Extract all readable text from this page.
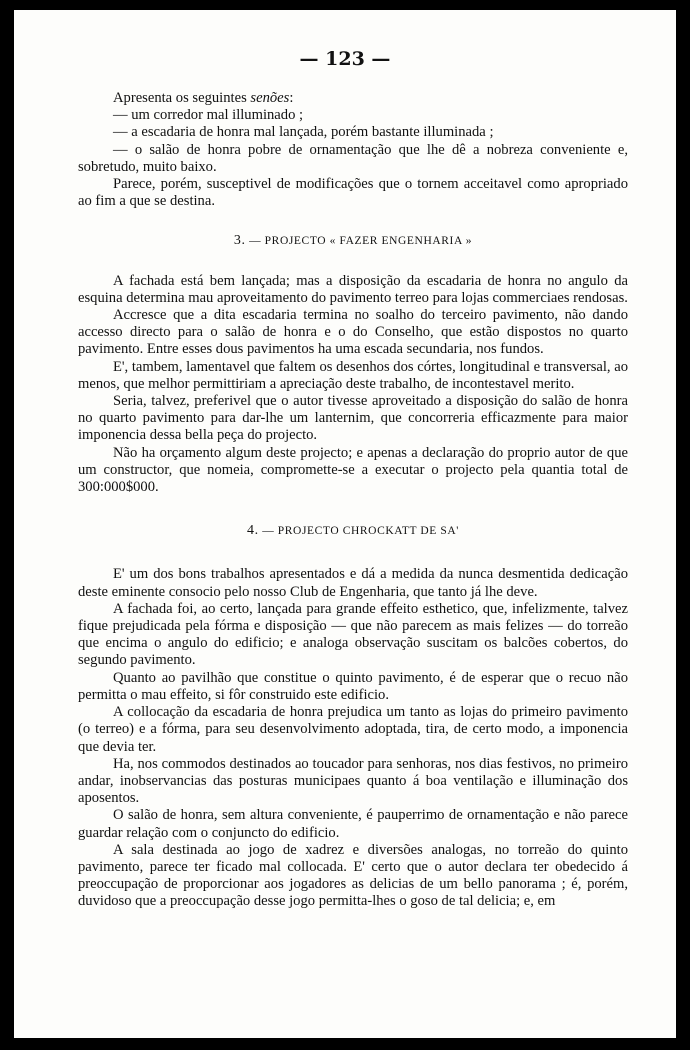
— 123 —

Apresenta os seguintes senões:

— um corredor mal illuminado ;

— a escadaria de honra mal lançada, porém bastante illuminada ;

— o salão de honra pobre de ornamentação que lhe dê a nobreza conveniente e, sobretudo, muito baixo.

Parece, porém, susceptivel de modificações que o tornem acceitavel como apropriado ao fim a que se destina.

3. — PROJECTO « FAZER ENGENHARIA »

A fachada está bem lançada; mas a disposição da escadaria de honra no angulo da esquina determina mau aproveitamento do pavimento terreo para lojas commerciaes rendosas.

Accresce que a dita escadaria termina no soalho do terceiro pavimento, não dando accesso directo para o salão de honra e o do Conselho, que estão dispostos no quarto pavimento. Entre esses dous pavimentos ha uma escada secundaria, nos fundos.

E', tambem, lamentavel que faltem os desenhos dos córtes, longitudinal e transversal, ao menos, que melhor permittiriam a apreciação deste trabalho, de incontestavel merito.

Seria, talvez, preferivel que o autor tivesse aproveitado a disposição do salão de honra no quarto pavimento para dar-lhe um lanternim, que concorreria efficazmente para maior imponencia dessa bella peça do projecto.

Não ha orçamento algum deste projecto; e apenas a declaração do proprio autor de que um constructor, que nomeia, compromette-se a executar o projecto pela quantia total de 300:000$000.

4. — PROJECTO CHROCKATT DE SA'

E' um dos bons trabalhos apresentados e dá a medida da nunca desmentida dedicação deste eminente consocio pelo nosso Club de Engenharia, que tanto já lhe deve.

A fachada foi, ao certo, lançada para grande effeito esthetico, que, infelizmente, talvez fique prejudicada pela fórma e disposição — que não parecem as mais felizes — do torreão que encima o angulo do edificio; e analoga observação suscitam os balcões cobertos, do segundo pavimento.

Quanto ao pavilhão que constitue o quinto pavimento, é de esperar que o recuo não permitta o mau effeito, si fôr construido este edificio.

A collocação da escadaria de honra prejudica um tanto as lojas do primeiro pavimento (o terreo) e a fórma, para seu desenvolvimento adoptada, tira, de certo modo, a imponencia que devia ter.

Ha, nos commodos destinados ao toucador para senhoras, nos dias festivos, no primeiro andar, inobservancias das posturas municipaes quanto á boa ventilação e illuminação dos aposentos.

O salão de honra, sem altura conveniente, é pauperrimo de ornamentação e não parece guardar relação com o conjuncto do edificio.

A sala destinada ao jogo de xadrez e diversões analogas, no torreão do quinto pavimento, parece ter ficado mal collocada. E' certo que o autor declara ter obedecido á preoccupação de proporcionar aos jogadores as delicias de um bello panorama ; é, porém, duvidoso que a preoccupação desse jogo permitta-lhes o goso de tal delicia; e, em
